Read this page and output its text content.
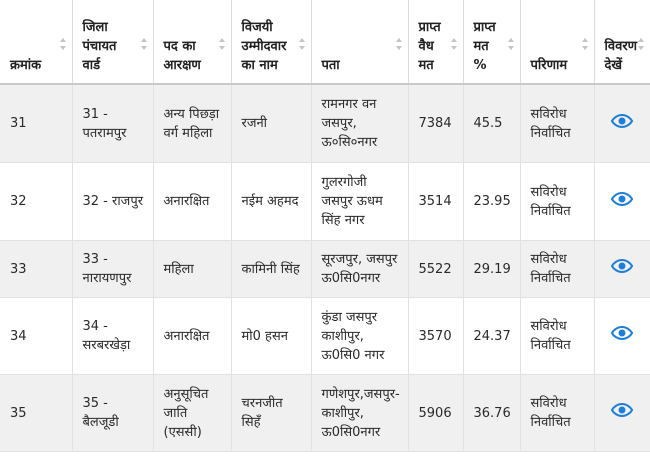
क्रमांक	जिला पंचायत वार्ड	पद का आरक्षण	विजयी उम्मीदवार का नाम	पता	प्राप्त वैध मत	प्राप्त मत %	परिणाम	विवरण देखें

31	31 - पतरामपुर	अन्य पिछड़ा वर्ग महिला	रजनी	रामनगर वन जसपुर, ऊ०सि०नगर	7384	45.5	सविरोध निर्वाचित	
32	32 - राजपुर	अनारक्षित	नईम अहमद	गुलरगोजी जसपुर ऊधम सिंह नगर	3514	23.95	सविरोध निर्वाचित	
33	33 - नारायणपुर	महिला	कामिनी सिंह	सूरजपुर, जसपुर ऊ0सि0नगर	5522	29.19	सविरोध निर्वाचित	
34	34 - सरबरखेड़ा	अनारक्षित	मो0 हसन	कुंडा जसपुर काशीपुर, ऊ0सि0 नगर	3570	24.37	सविरोध निर्वाचित	
35	35 - बैलजूडी	अनुसूचित जाति (एससी)	चरनजीत सिहँ	गणेशपुर,जसपुर-काशीपुर, ऊ0सि0नगर	5906	36.76	सविरोध निर्वाचित	
